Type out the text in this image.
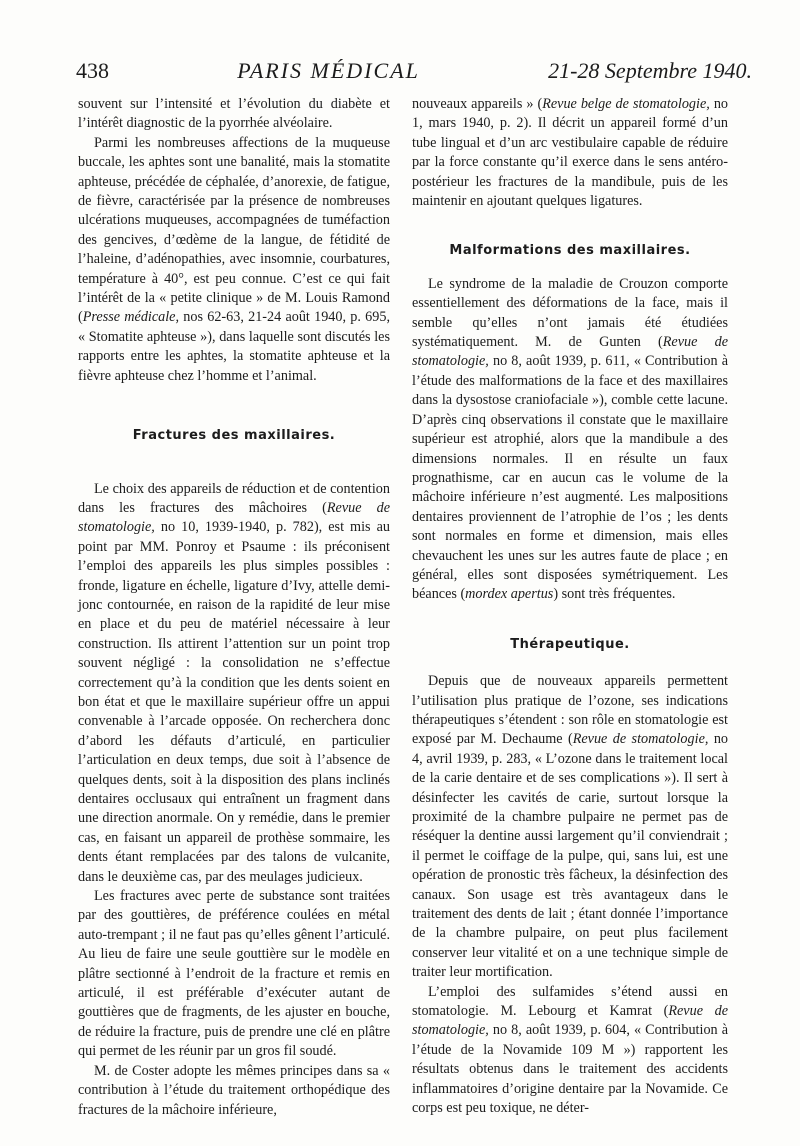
438	PARIS MÉDICAL	21-28 Septembre 1940.

souvent sur l’intensité et l’évolution du diabète et l’intérêt diagnostic de la pyorrhée alvéolaire.

Parmi les nombreuses affections de la muqueuse buccale, les aphtes sont une banalité, mais la stomatite aphteuse, précédée de céphalée, d’anorexie, de fatigue, de fièvre, caractérisée par la présence de nombreuses ulcérations muqueuses, accompagnées de tuméfaction des gencives, d’œdème de la langue, de fétidité de l’haleine, d’adénopathies, avec insomnie, courbatures, température à 40°, est peu connue. C’est ce qui fait l’intérêt de la « petite clinique » de M. Louis Ramond (Presse médicale, nos 62-63, 21-24 août 1940, p. 695, « Stomatite aphteuse »), dans laquelle sont discutés les rapports entre les aphtes, la stomatite aphteuse et la fièvre aphteuse chez l’homme et l’animal.

Fractures des maxillaires.

Le choix des appareils de réduction et de contention dans les fractures des mâchoires (Revue de stomatologie, no 10, 1939-1940, p. 782), est mis au point par MM. Ponroy et Psaume : ils préconisent l’emploi des appareils les plus simples possibles : fronde, ligature en échelle, ligature d’Ivy, attelle demi-jonc contournée, en raison de la rapidité de leur mise en place et du peu de matériel nécessaire à leur construction. Ils attirent l’attention sur un point trop souvent négligé : la consolidation ne s’effectue correctement qu’à la condition que les dents soient en bon état et que le maxillaire supérieur offre un appui convenable à l’arcade opposée. On recherchera donc d’abord les défauts d’articulé, en particulier l’articulation en deux temps, due soit à l’absence de quelques dents, soit à la disposition des plans inclinés dentaires occlusaux qui entraînent un fragment dans une direction anormale. On y remédie, dans le premier cas, en faisant un appareil de prothèse sommaire, les dents étant remplacées par des talons de vulcanite, dans le deuxième cas, par des meulages judicieux.

Les fractures avec perte de substance sont traitées par des gouttières, de préférence coulées en métal auto-trempant ; il ne faut pas qu’elles gênent l’articulé. Au lieu de faire une seule gouttière sur le modèle en plâtre sectionné à l’endroit de la fracture et remis en articulé, il est préférable d’exécuter autant de gouttières que de fragments, de les ajuster en bouche, de réduire la fracture, puis de prendre une clé en plâtre qui permet de les réunir par un gros fil soudé.

M. de Coster adopte les mêmes principes dans sa « contribution à l’étude du traitement orthopédique des fractures de la mâchoire inférieure,

nouveaux appareils » (Revue belge de stomatologie, no 1, mars 1940, p. 2). Il décrit un appareil formé d’un tube lingual et d’un arc vestibulaire capable de réduire par la force constante qu’il exerce dans le sens antéro-postérieur les fractures de la mandibule, puis de les maintenir en ajoutant quelques ligatures.

Malformations des maxillaires.

Le syndrome de la maladie de Crouzon comporte essentiellement des déformations de la face, mais il semble qu’elles n’ont jamais été étudiées systématiquement. M. de Gunten (Revue de stomatologie, no 8, août 1939, p. 611, « Contribution à l’étude des malformations de la face et des maxillaires dans la dysostose craniofaciale »), comble cette lacune. D’après cinq observations il constate que le maxillaire supérieur est atrophié, alors que la mandibule a des dimensions normales. Il en résulte un faux prognathisme, car en aucun cas le volume de la mâchoire inférieure n’est augmenté. Les malpositions dentaires proviennent de l’atrophie de l’os ; les dents sont normales en forme et dimension, mais elles chevauchent les unes sur les autres faute de place ; en général, elles sont disposées symétriquement. Les béances (mordex apertus) sont très fréquentes.

Thérapeutique.

Depuis que de nouveaux appareils permettent l’utilisation plus pratique de l’ozone, ses indications thérapeutiques s’étendent : son rôle en stomatologie est exposé par M. Dechaume (Revue de stomatologie, no 4, avril 1939, p. 283, « L’ozone dans le traitement local de la carie dentaire et de ses complications »). Il sert à désinfecter les cavités de carie, surtout lorsque la proximité de la chambre pulpaire ne permet pas de réséquer la dentine aussi largement qu’il conviendrait ; il permet le coiffage de la pulpe, qui, sans lui, est une opération de pronostic très fâcheux, la désinfection des canaux. Son usage est très avantageux dans le traitement des dents de lait ; étant donnée l’importance de la chambre pulpaire, on peut plus facilement conserver leur vitalité et on a une technique simple de traiter leur mortification.

L’emploi des sulfamides s’étend aussi en stomatologie. M. Lebourg et Kamrat (Revue de stomatologie, no 8, août 1939, p. 604, « Contribution à l’étude de la Novamide 109 M ») rapportent les résultats obtenus dans le traitement des accidents inflammatoires d’origine dentaire par la Novamide. Ce corps est peu toxique, ne déter-
